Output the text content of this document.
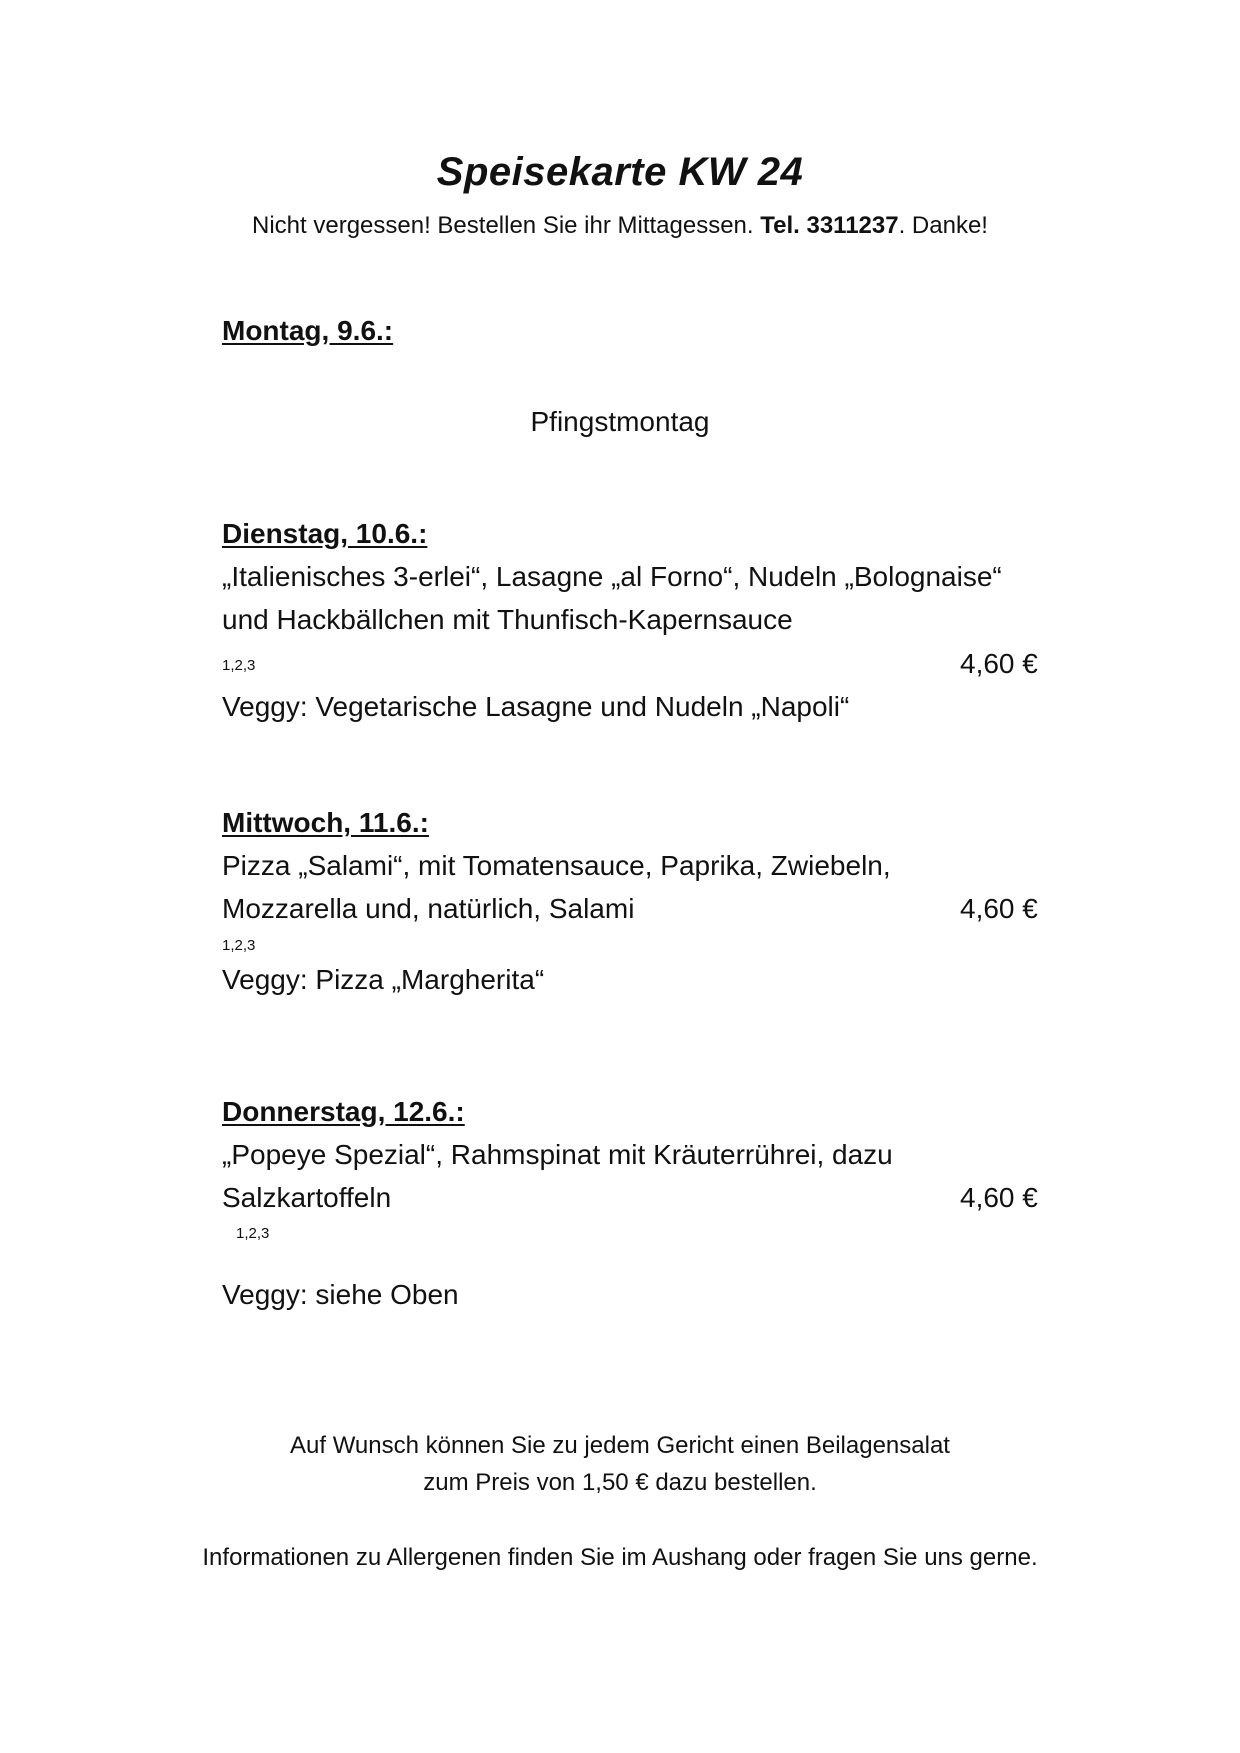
Speisekarte KW 24
Nicht vergessen! Bestellen Sie ihr Mittagessen. Tel. 3311237. Danke!
Montag, 9.6.:
Pfingstmontag
Dienstag, 10.6.:
„Italienisches 3-erlei“, Lasagne „al Forno“, Nudeln „Bolognaise“
und Hackbällchen mit Thunfisch-Kapernsauce
1,2,3	4,60 €
Veggy: Vegetarische Lasagne und Nudeln „Napoli“
Mittwoch, 11.6.:
Pizza „Salami“, mit Tomatensauce, Paprika, Zwiebeln,
Mozzarella und, natürlich, Salami	4,60 €
1,2,3
Veggy: Pizza „Margherita“
Donnerstag, 12.6.:
„Popeye Spezial“, Rahmspinat mit Kräuterrührei, dazu
Salzkartoffeln	4,60 €
1,2,3
Veggy: siehe Oben
Auf Wunsch können Sie zu jedem Gericht einen Beilagensalat
zum Preis von 1,50 € dazu bestellen.
Informationen zu Allergenen finden Sie im Aushang oder fragen Sie uns gerne.
